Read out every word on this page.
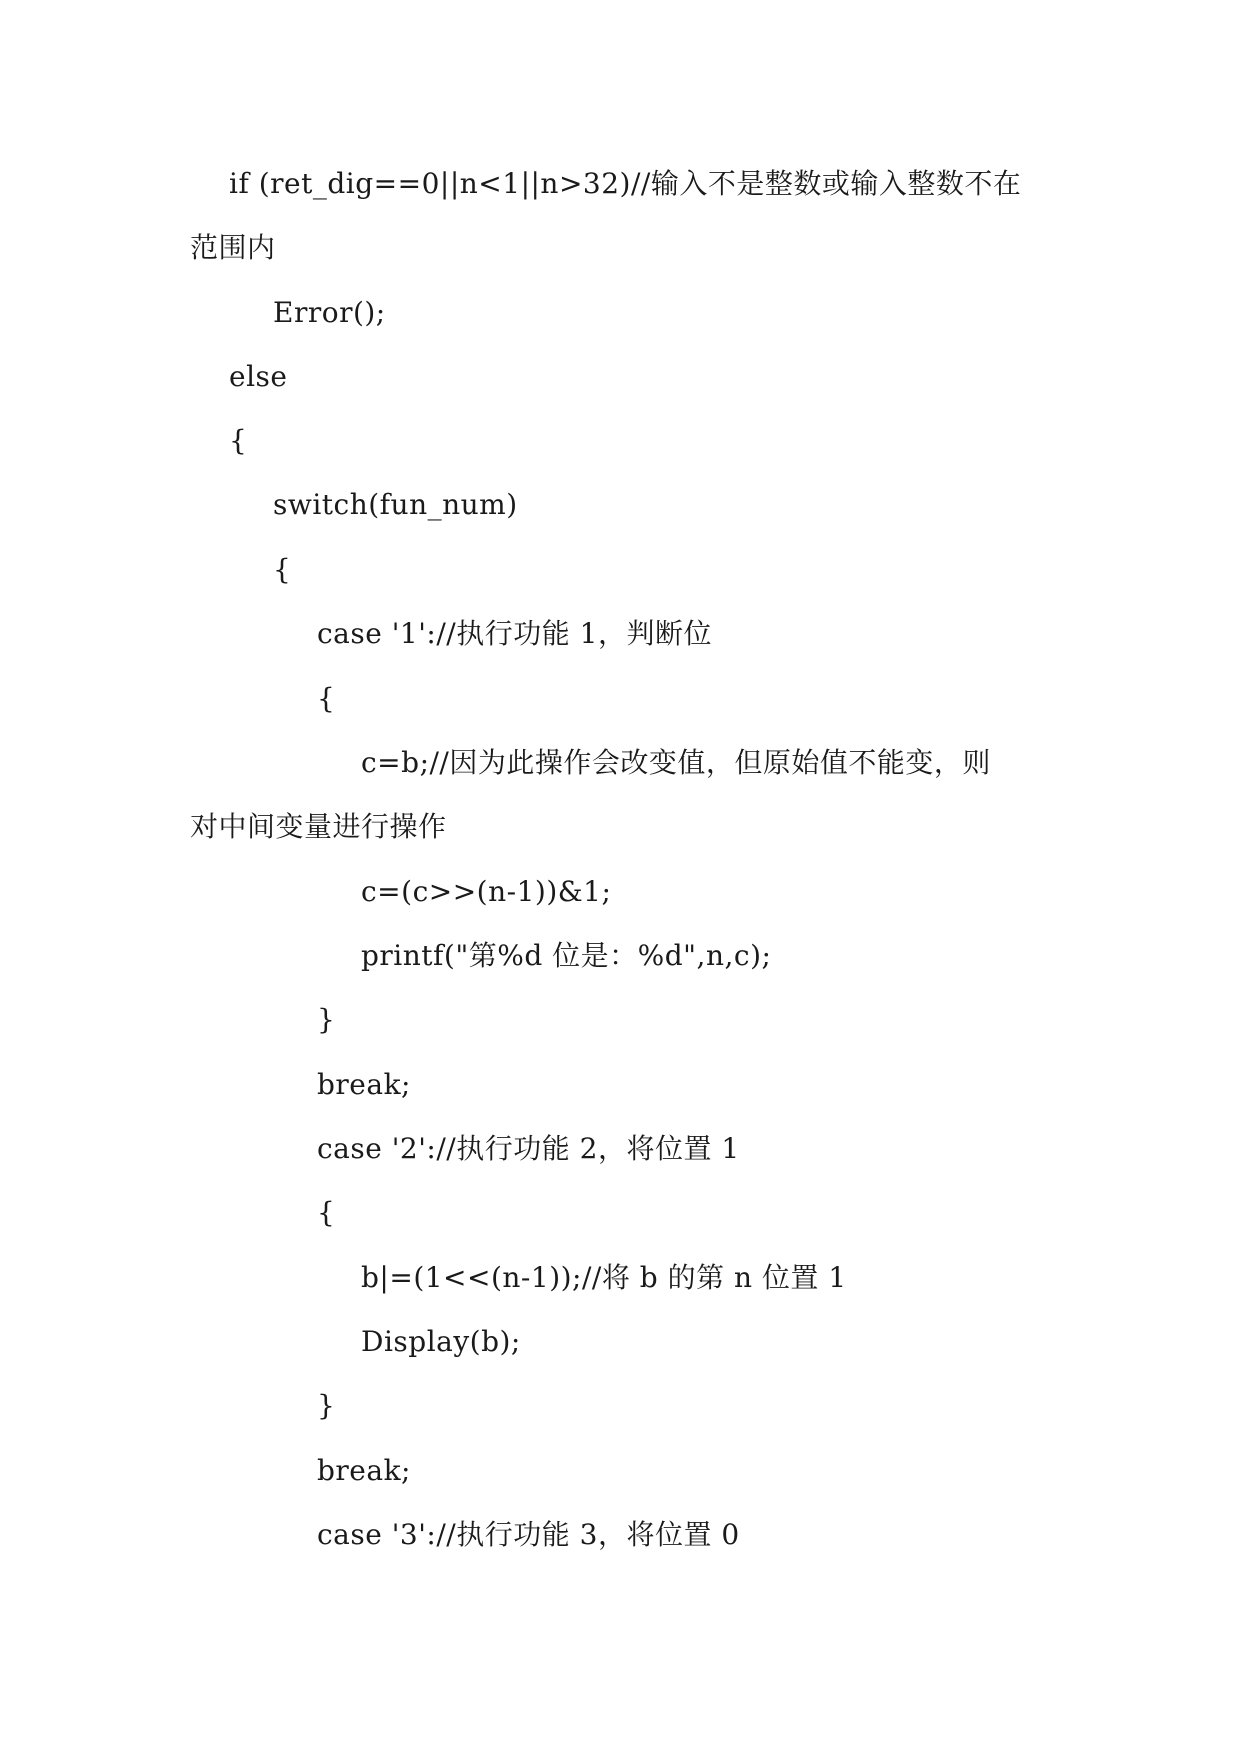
if (ret_dig==0||n<1||n>32)//输入不是整数或输入整数不在
范围内
Error();
else
{
switch(fun_num)
{
case '1'://执行功能 1，判断位
{
c=b;//因为此操作会改变值，但原始值不能变，则
对中间变量进行操作
c=(c>>(n-1))&1;
printf("第%d 位是：%d",n,c);
}
break;
case '2'://执行功能 2，将位置 1
{
b|=(1<<(n-1));//将 b 的第 n 位置 1
Display(b);
}
break;
case '3'://执行功能 3，将位置 0
